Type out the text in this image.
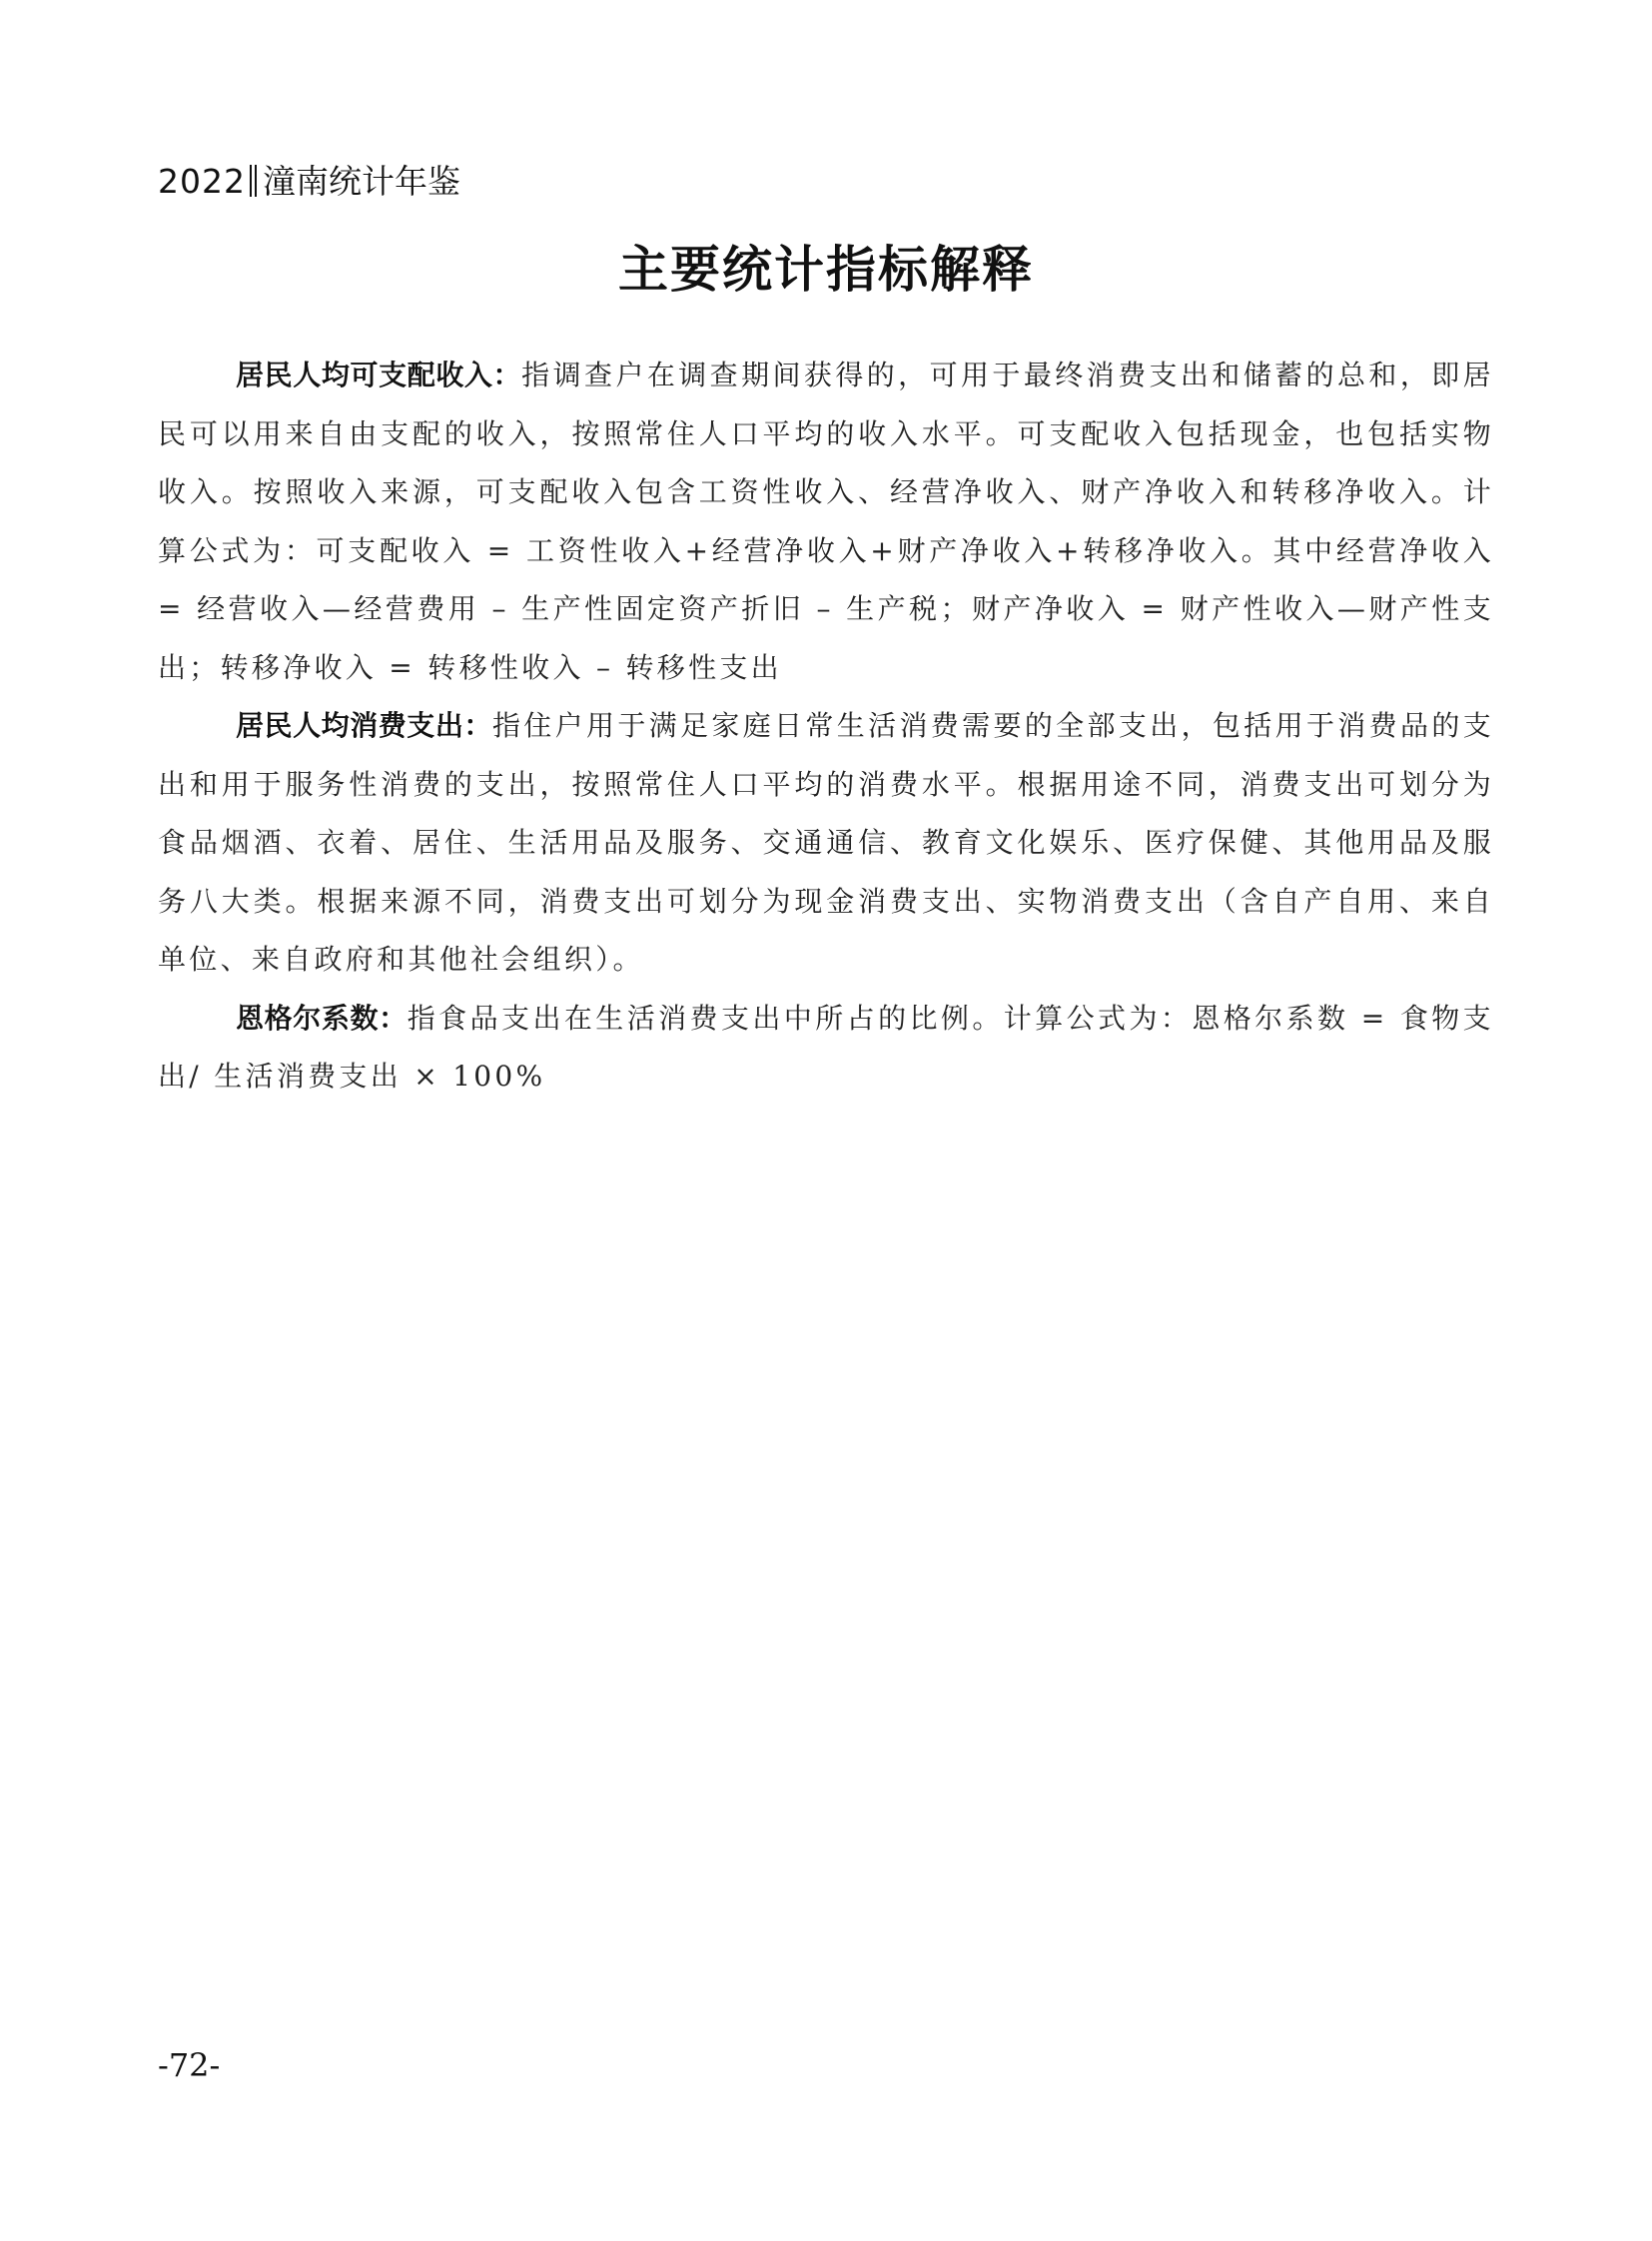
2022 潼南统计年鉴
主要统计指标解释

居民人均可支配收入：指调查户在调查期间获得的，可用于最终消费支出和储蓄的总和，即居民可以用来自由支配的收入，按照常住人口平均的收入水平。可支配收入包括现金，也包括实物收入。按照收入来源，可支配收入包含工资性收入、经营净收入、财产净收入和转移净收入。计算公式为：可支配收入 = 工资性收入+经营净收入+财产净收入+转移净收入。其中经营净收入 = 经营收入—经营费用 – 生产性固定资产折旧 – 生产税；财产净收入 = 财产性收入—财产性支出；转移净收入 = 转移性收入 – 转移性支出

居民人均消费支出：指住户用于满足家庭日常生活消费需要的全部支出，包括用于消费品的支出和用于服务性消费的支出，按照常住人口平均的消费水平。根据用途不同，消费支出可划分为食品烟酒、衣着、居住、生活用品及服务、交通通信、教育文化娱乐、医疗保健、其他用品及服务八大类。根据来源不同，消费支出可划分为现金消费支出、实物消费支出（含自产自用、来自单位、来自政府和其他社会组织）。

恩格尔系数：指食品支出在生活消费支出中所占的比例。计算公式为：恩格尔系数 = 食物支出/ 生活消费支出 × 100%

-72-
